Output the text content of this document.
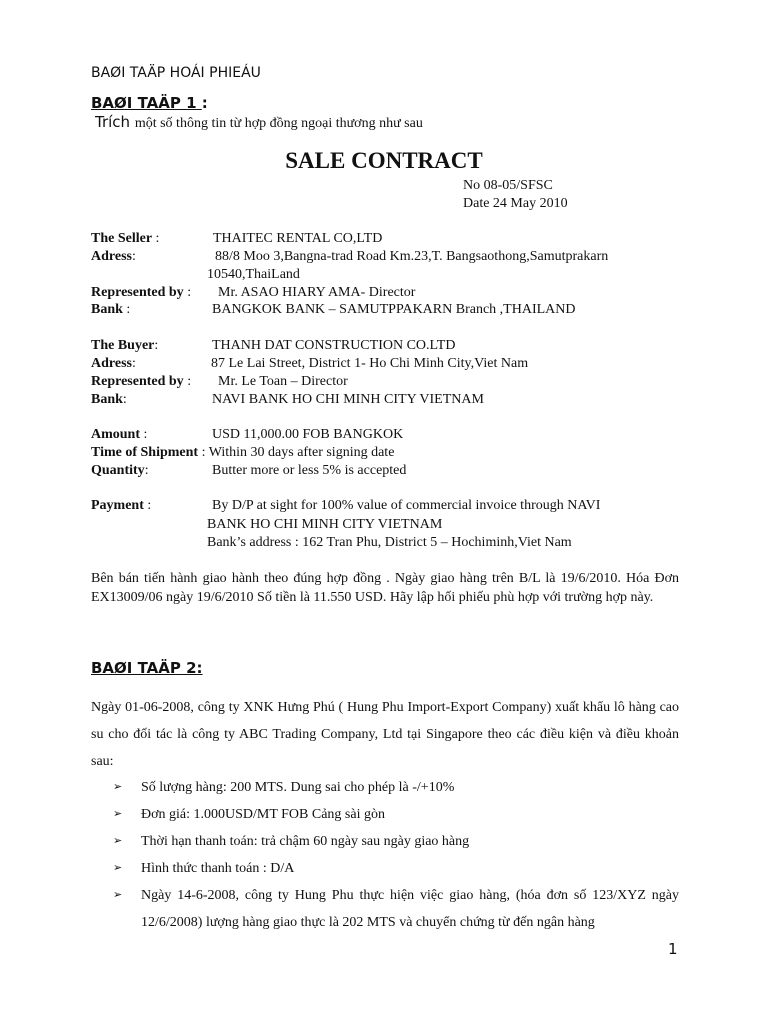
BAØI TAÄP HOÁI PHIEÁU
BAØI TAÄP 1 :
Trích một số thông tin từ hợp đồng ngoại thương như sau
SALE CONTRACT
No 08-05/SFSC
Date 24 May 2010
The Seller :	THAITEC RENTAL CO,LTD
Adress:	88/8 Moo 3,Bangna-trad Road Km.23,T. Bangsaothong,Samutprakarn
10540,ThaiLand
Represented by : Mr. ASAO HIARY AMA- Director
Bank :	BANGKOK BANK – SAMUTPPAKARN Branch ,THAILAND
The Buyer:	THANH DAT CONSTRUCTION CO.LTD
Adress:	87 Le Lai Street, District 1- Ho Chi Minh City,Viet Nam
Represented by : Mr. Le Toan – Director
Bank:	NAVI BANK HO CHI MINH CITY VIETNAM
Amount :	USD 11,000.00 FOB BANGKOK
Time of Shipment : Within 30 days after signing date
Quantity:	Butter more or less 5% is accepted
Payment :	By D/P at sight for 100% value of commercial invoice through NAVI
BANK HO CHI MINH CITY VIETNAM
Bank’s address : 162 Tran Phu, District 5 – Hochiminh,Viet Nam
Bên bán tiến hành giao hành theo đúng hợp đồng . Ngày giao hàng trên B/L là 19/6/2010. Hóa Đơn EX13009/06 ngày 19/6/2010 Số tiền là 11.550 USD. Hãy lập hối phiếu phù hợp với trường hợp này.
BAØI TAÄP 2:
Ngày 01-06-2008, công ty XNK Hưng Phú ( Hung Phu Import-Export Company) xuất khẩu lô hàng cao su cho đối tác là công ty ABC Trading Company, Ltd tại Singapore theo các điều kiện và điều khoản sau:
➢ Số lượng hàng: 200 MTS. Dung sai cho phép là -/+10%
➢ Đơn giá: 1.000USD/MT FOB Cảng sài gòn
➢ Thời hạn thanh toán: trả chậm 60 ngày sau ngày giao hàng
➢ Hình thức thanh toán : D/A
➢ Ngày 14-6-2008, công ty Hung Phu thực hiện việc giao hàng, (hóa đơn số 123/XYZ ngày 12/6/2008) lượng hàng giao thực là 202 MTS và chuyển chứng từ đến ngân hàng
1
